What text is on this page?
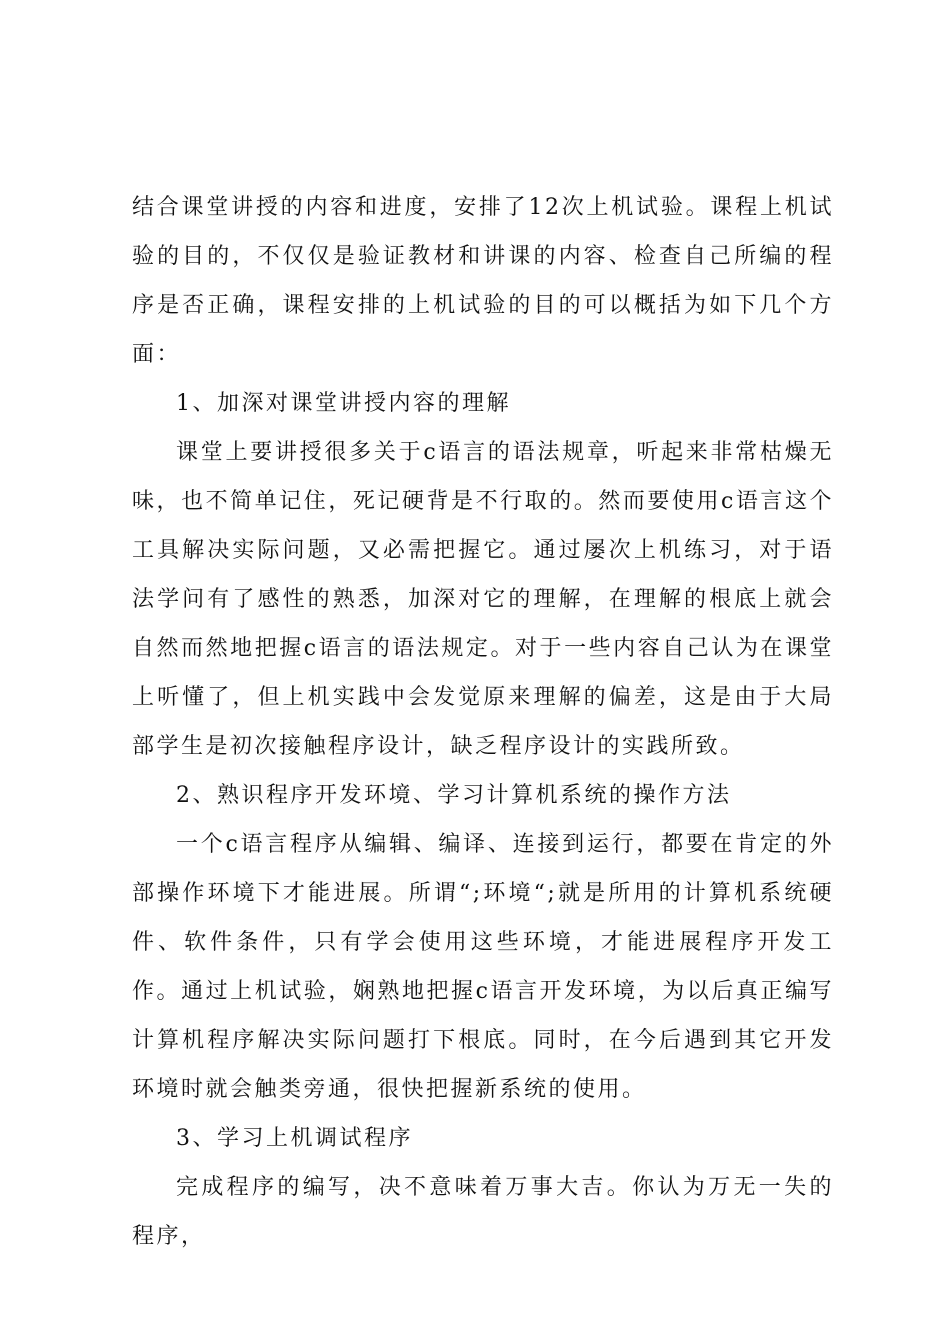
结合课堂讲授的内容和进度，安排了12次上机试验。课程上机试验的目的，不仅仅是验证教材和讲课的内容、检查自己所编的程序是否正确，课程安排的上机试验的目的可以概括为如下几个方面：

1、加深对课堂讲授内容的理解

课堂上要讲授很多关于c语言的语法规章，听起来非常枯燥无味，也不简单记住，死记硬背是不行取的。然而要使用c语言这个工具解决实际问题，又必需把握它。通过屡次上机练习，对于语法学问有了感性的熟悉，加深对它的理解，在理解的根底上就会自然而然地把握c语言的语法规定。对于一些内容自己认为在课堂上听懂了，但上机实践中会发觉原来理解的偏差，这是由于大局部学生是初次接触程序设计，缺乏程序设计的实践所致。

2、熟识程序开发环境、学习计算机系统的操作方法

一个c语言程序从编辑、编译、连接到运行，都要在肯定的外部操作环境下才能进展。所谓“;环境“;就是所用的计算机系统硬件、软件条件，只有学会使用这些环境，才能进展程序开发工作。通过上机试验，娴熟地把握c语言开发环境，为以后真正编写计算机程序解决实际问题打下根底。同时，在今后遇到其它开发环境时就会触类旁通，很快把握新系统的使用。

3、学习上机调试程序

完成程序的编写，决不意味着万事大吉。你认为万无一失的程序，
